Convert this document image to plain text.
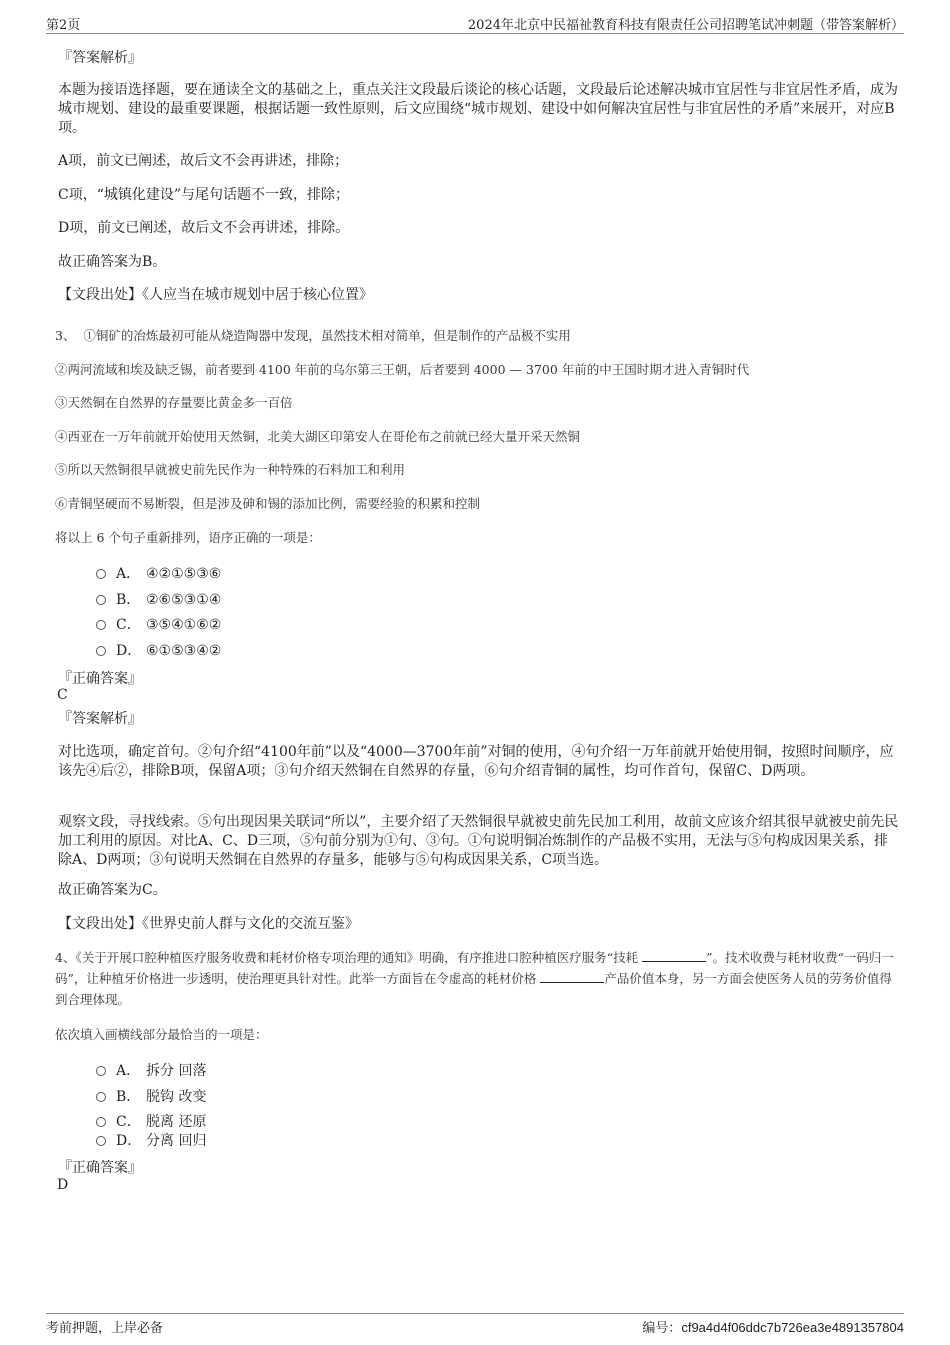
第2页	2024年北京中民福祉教育科技有限责任公司招聘笔试冲刺题（带答案解析）
『答案解析』
本题为接语选择题，要在通读全文的基础之上，重点关注文段最后谈论的核心话题，文段最后论述解决城市宜居性与非宜居性矛盾，成为城市规划、建设的最重要课题，根据话题一致性原则，后文应围绕“城市规划、建设中如何解决宜居性与非宜居性的矛盾”来展开，对应B项。
A项，前文已阐述，故后文不会再讲述，排除；
C项，“城镇化建设”与尾句话题不一致，排除；
D项，前文已阐述，故后文不会再讲述，排除。
故正确答案为B。
【文段出处】《人应当在城市规划中居于核心位置》
3、 ①铜矿的冶炼最初可能从烧造陶器中发现，虽然技术相对简单，但是制作的产品极不实用
②两河流域和埃及缺乏锡，前者要到 4100 年前的乌尔第三王朝，后者要到 4000 — 3700 年前的中王国时期才进入青铜时代
③天然铜在自然界的存量要比黄金多一百倍
④西亚在一万年前就开始使用天然铜，北美大湖区印第安人在哥伦布之前就已经大量开采天然铜
⑤所以天然铜很早就被史前先民作为一种特殊的石料加工和利用
⑥青铜坚硬而不易断裂，但是涉及砷和锡的添加比例，需要经验的积累和控制
将以上 6 个句子重新排列，语序正确的一项是：
A． ④②①⑤③⑥
B． ②⑥⑤③①④
C． ③⑤④①⑥②
D． ⑥①⑤③④②
『正确答案』
C
『答案解析』
对比选项，确定首句。②句介绍“4100年前”以及“4000—3700年前”对铜的使用，④句介绍一万年前就开始使用铜，按照时间顺序，应该先④后②，排除B项，保留A项；③句介绍天然铜在自然界的存量，⑥句介绍青铜的属性，均可作首句，保留C、D两项。
观察文段，寻找线索。⑤句出现因果关联词“所以”，主要介绍了天然铜很早就被史前先民加工利用，故前文应该介绍其很早就被史前先民加工利用的原因。对比A、C、D三项，⑤句前分别为①句、③句。①句说明铜冶炼制作的产品极不实用，无法与⑤句构成因果关系，排除A、D两项；③句说明天然铜在自然界的存量多，能够与⑤句构成因果关系，C项当选。
故正确答案为C。
【文段出处】《世界史前人群与文化的交流互鉴》
4、《关于开展口腔种植医疗服务收费和耗材价格专项治理的通知》明确，有序推进口腔种植医疗服务“技耗	”。技术收费与耗材收费“一码归一码”，让种植牙价格进一步透明，使治理更具针对性。此举一方面旨在令虚高的耗材价格	产品价值本身，另一方面会使医务人员的劳务价值得到合理体现。
依次填入画横线部分最恰当的一项是：
A． 拆分 回落
B． 脱钩 改变
C． 脱离 还原
D． 分离 回归
『正确答案』
D
考前押题，上岸必备	编号：cf9a4d4f06ddc7b726ea3e4891357804
